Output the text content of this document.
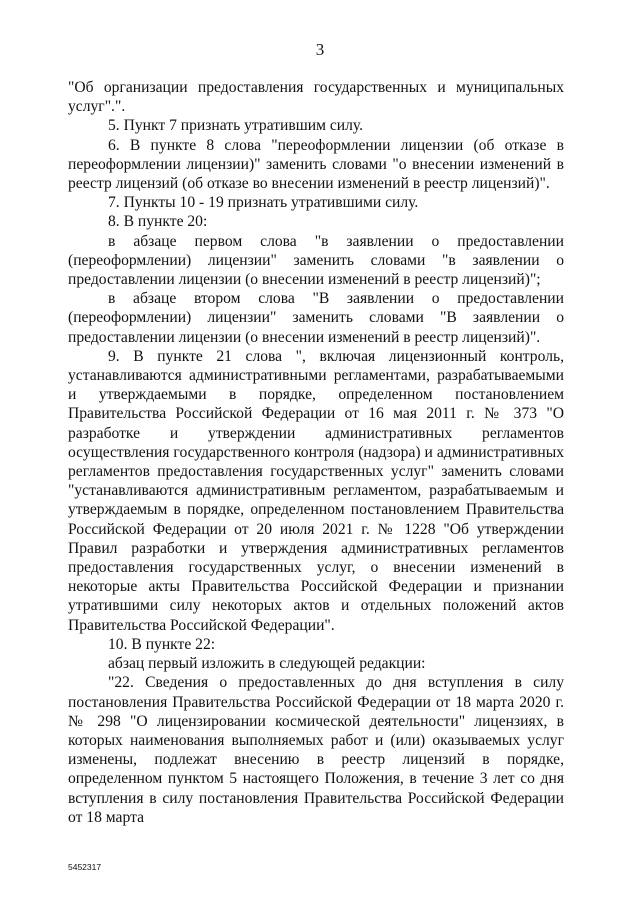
3

"Об организации предоставления государственных и муниципальных услуг".".

5. Пункт 7 признать утратившим силу.

6. В пункте 8 слова "переоформлении лицензии (об отказе в переоформлении лицензии)" заменить словами "о внесении изменений в реестр лицензий (об отказе во внесении изменений в реестр лицензий)".

7. Пункты 10 - 19 признать утратившими силу.

8. В пункте 20:

в абзаце первом слова "в заявлении о предоставлении (переоформлении) лицензии" заменить словами "в заявлении о предоставлении лицензии (о внесении изменений в реестр лицензий)";

в абзаце втором слова "В заявлении о предоставлении (переоформлении) лицензии" заменить словами "В заявлении о предоставлении лицензии (о внесении изменений в реестр лицензий)".

9. В пункте 21 слова ", включая лицензионный контроль, устанавливаются административными регламентами, разрабатываемыми и утверждаемыми в порядке, определенном постановлением Правительства Российской Федерации от 16 мая 2011 г. № 373 "О разработке и утверждении административных регламентов осуществления государственного контроля (надзора) и административных регламентов предоставления государственных услуг" заменить словами "устанавливаются административным регламентом, разрабатываемым и утверждаемым в порядке, определенном постановлением Правительства Российской Федерации от 20 июля 2021 г. № 1228 "Об утверждении Правил разработки и утверждения административных регламентов предоставления государственных услуг, о внесении изменений в некоторые акты Правительства Российской Федерации и признании утратившими силу некоторых актов и отдельных положений актов Правительства Российской Федерации".

10. В пункте 22:

абзац первый изложить в следующей редакции:

"22. Сведения о предоставленных до дня вступления в силу постановления Правительства Российской Федерации от 18 марта 2020 г. № 298 "О лицензировании космической деятельности" лицензиях, в которых наименования выполняемых работ и (или) оказываемых услуг изменены, подлежат внесению в реестр лицензий в порядке, определенном пунктом 5 настоящего Положения, в течение 3 лет со дня вступления в силу постановления Правительства Российской Федерации от 18 марта

5452317
